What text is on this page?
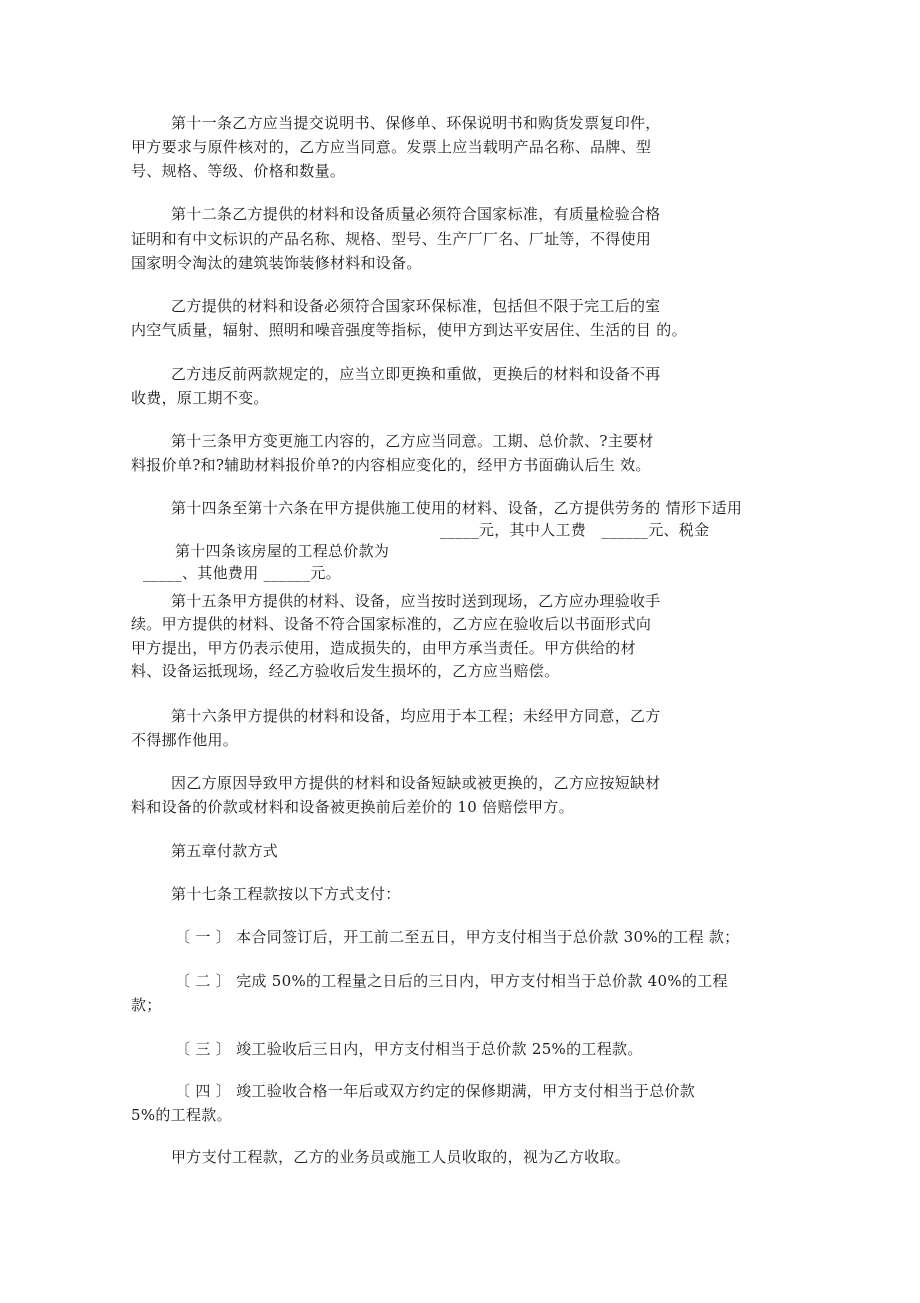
第十一条乙方应当提交说明书、保修单、环保说明书和购货发票复印件，
甲方要求与原件核对的，乙方应当同意。发票上应当载明产品名称、品牌、型
号、规格、等级、价格和数量。
第十二条乙方提供的材料和设备质量必须符合国家标准，有质量检验合格
证明和有中文标识的产品名称、规格、型号、生产厂厂名、厂址等，不得使用
国家明令淘汰的建筑装饰装修材料和设备。
乙方提供的材料和设备必须符合国家环保标准，包括但不限于完工后的室
内空气质量，辐射、照明和噪音强度等指标，使甲方到达平安居住、生活的目 的。
乙方违反前两款规定的，应当立即更换和重做，更换后的材料和设备不再
收费，原工期不变。
第十三条甲方变更施工内容的，乙方应当同意。工期、总价款、?主要材
料报价单?和?辅助材料报价单?的内容相应变化的，经甲方书面确认后生 效。
第十四条至第十六条在甲方提供施工使用的材料、设备，乙方提供劳务的 情形下适用
_____元，其中人工费　______元、税金
第十四条该房屋的工程总价款为
_____、其他费用 ______元。
第十五条甲方提供的材料、设备，应当按时送到现场，乙方应办理验收手
续。甲方提供的材料、设备不符合国家标准的，乙方应在验收后以书面形式向
甲方提出，甲方仍表示使用，造成损失的，由甲方承当责任。甲方供给的材
料、设备运抵现场，经乙方验收后发生损坏的，乙方应当赔偿。
第十六条甲方提供的材料和设备，均应用于本工程；未经甲方同意，乙方
不得挪作他用。
因乙方原因导致甲方提供的材料和设备短缺或被更换的，乙方应按短缺材
料和设备的价款或材料和设备被更换前后差价的 10 倍赔偿甲方。
第五章付款方式
第十七条工程款按以下方式支付：
〔 一 〕 本合同签订后，开工前二至五日，甲方支付相当于总价款 30%的工程 款；
〔 二 〕 完成 50%的工程量之日后的三日内，甲方支付相当于总价款 40%的工程
款；
〔 三 〕 竣工验收后三日内，甲方支付相当于总价款 25%的工程款。
〔 四 〕 竣工验收合格一年后或双方约定的保修期满，甲方支付相当于总价款
5%的工程款。
甲方支付工程款，乙方的业务员或施工人员收取的，视为乙方收取。
